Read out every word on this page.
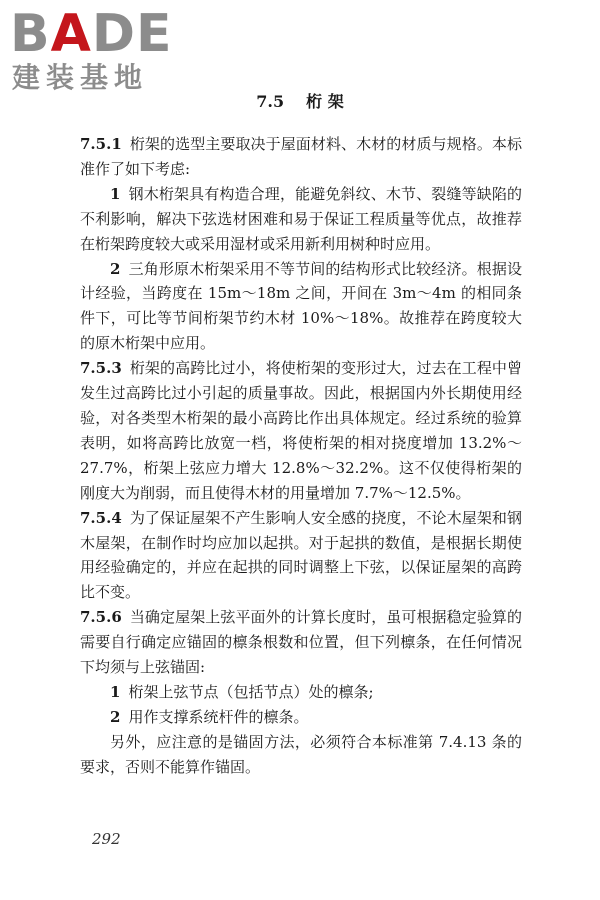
BADE
建装基地
7.5 桁 架

7.5.1 桁架的选型主要取决于屋面材料、木材的材质与规格。本标准作了如下考虑:

1 钢木桁架具有构造合理，能避免斜纹、木节、裂缝等缺陷的不利影响，解决下弦选材困难和易于保证工程质量等优点，故推荐在桁架跨度较大或采用湿材或采用新利用树种时应用。

2 三角形原木桁架采用不等节间的结构形式比较经济。根据设计经验，当跨度在 15m～18m 之间，开间在 3m～4m 的相同条件下，可比等节间桁架节约木材 10%～18%。故推荐在跨度较大的原木桁架中应用。

7.5.3 桁架的高跨比过小，将使桁架的变形过大，过去在工程中曾发生过高跨比过小引起的质量事故。因此，根据国内外长期使用经验，对各类型木桁架的最小高跨比作出具体规定。经过系统的验算表明，如将高跨比放宽一档，将使桁架的相对挠度增加 13.2%～27.7%，桁架上弦应力增大 12.8%～32.2%。这不仅使得桁架的刚度大为削弱，而且使得木材的用量增加 7.7%～12.5%。

7.5.4 为了保证屋架不产生影响人安全感的挠度，不论木屋架和钢木屋架，在制作时均应加以起拱。对于起拱的数值，是根据长期使用经验确定的，并应在起拱的同时调整上下弦，以保证屋架的高跨比不变。

7.5.6 当确定屋架上弦平面外的计算长度时，虽可根据稳定验算的需要自行确定应锚固的檩条根数和位置，但下列檩条，在任何情况下均须与上弦锚固:

1 桁架上弦节点（包括节点）处的檩条;

2 用作支撑系统杆件的檩条。

另外，应注意的是锚固方法，必须符合本标准第 7.4.13 条的要求，否则不能算作锚固。

292
